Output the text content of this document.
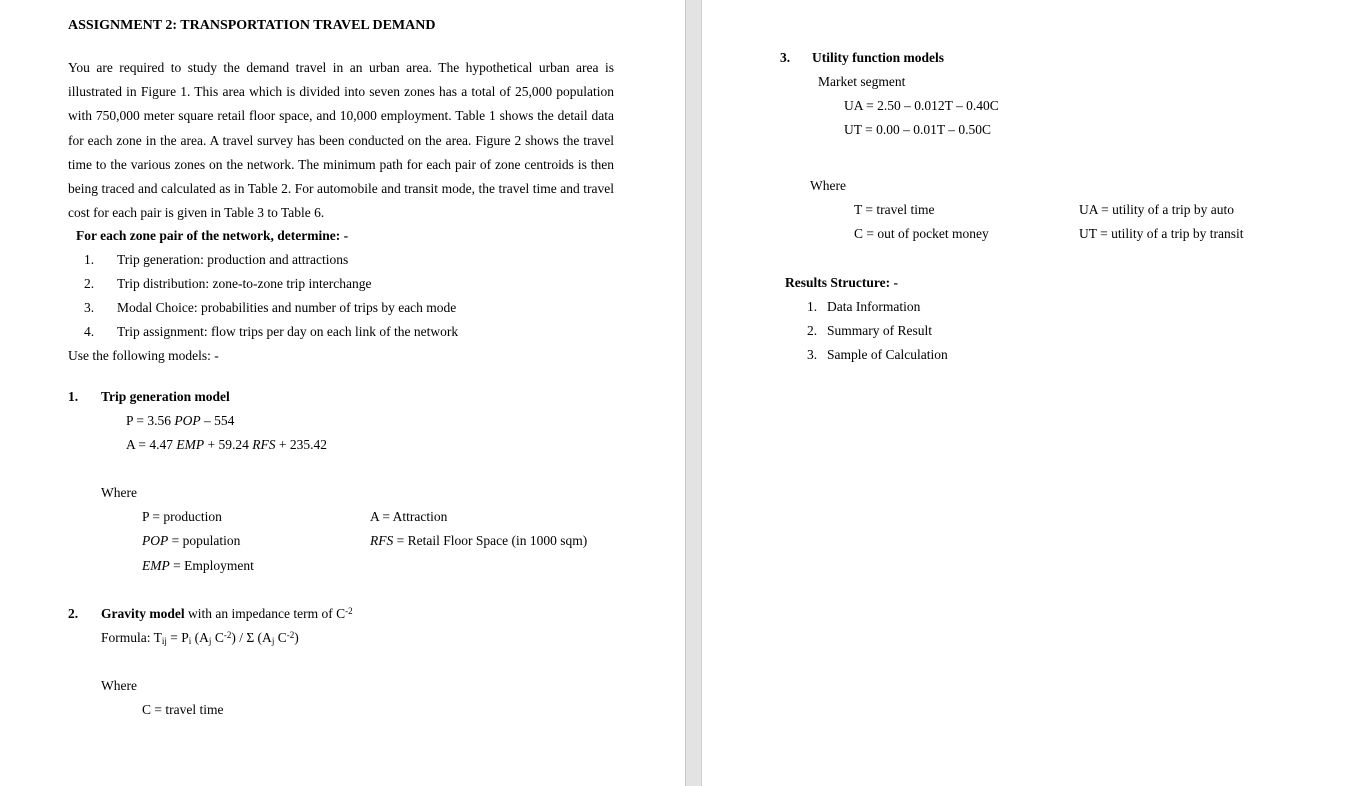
ASSIGNMENT 2: TRANSPORTATION TRAVEL DEMAND

You are required to study the demand travel in an urban area. The hypothetical urban area is illustrated in Figure 1. This area which is divided into seven zones has a total of 25,000 population with 750,000 meter square retail floor space, and 10,000 employment. Table 1 shows the detail data for each zone in the area. A travel survey has been conducted on the area. Figure 2 shows the travel time to the various zones on the network. The minimum path for each pair of zone centroids is then being traced and calculated as in Table 2. For automobile and transit mode, the travel time and travel cost for each pair is given in Table 3 to Table 6.

For each zone pair of the network, determine: -
1. Trip generation: production and attractions
2. Trip distribution: zone-to-zone trip interchange
3. Modal Choice: probabilities and number of trips by each mode
4. Trip assignment: flow trips per day on each link of the network
Use the following models: -
1. Trip generation model
P = 3.56 POP – 554
A = 4.47 EMP + 59.24 RFS + 235.42
Where
P = production	A = Attraction
POP = population	RFS = Retail Floor Space (in 1000 sqm)
EMP = Employment
2. Gravity model with an impedance term of $C^{-2}$
Formula: $T_{ij} = P_i$ ($A_j$ $C^{-2}$) / Σ ($A_j$ $C^{-2}$)
Where
C = travel time
3. Utility function models
Market segment
UA = 2.50 – 0.012T – 0.40C
UT = 0.00 – 0.01T – 0.50C
Where
T = travel time	UA = utility of a trip by auto
C = out of pocket money	UT = utility of a trip by transit
Results Structure: -
1. Data Information
2. Summary of Result
3. Sample of Calculation
